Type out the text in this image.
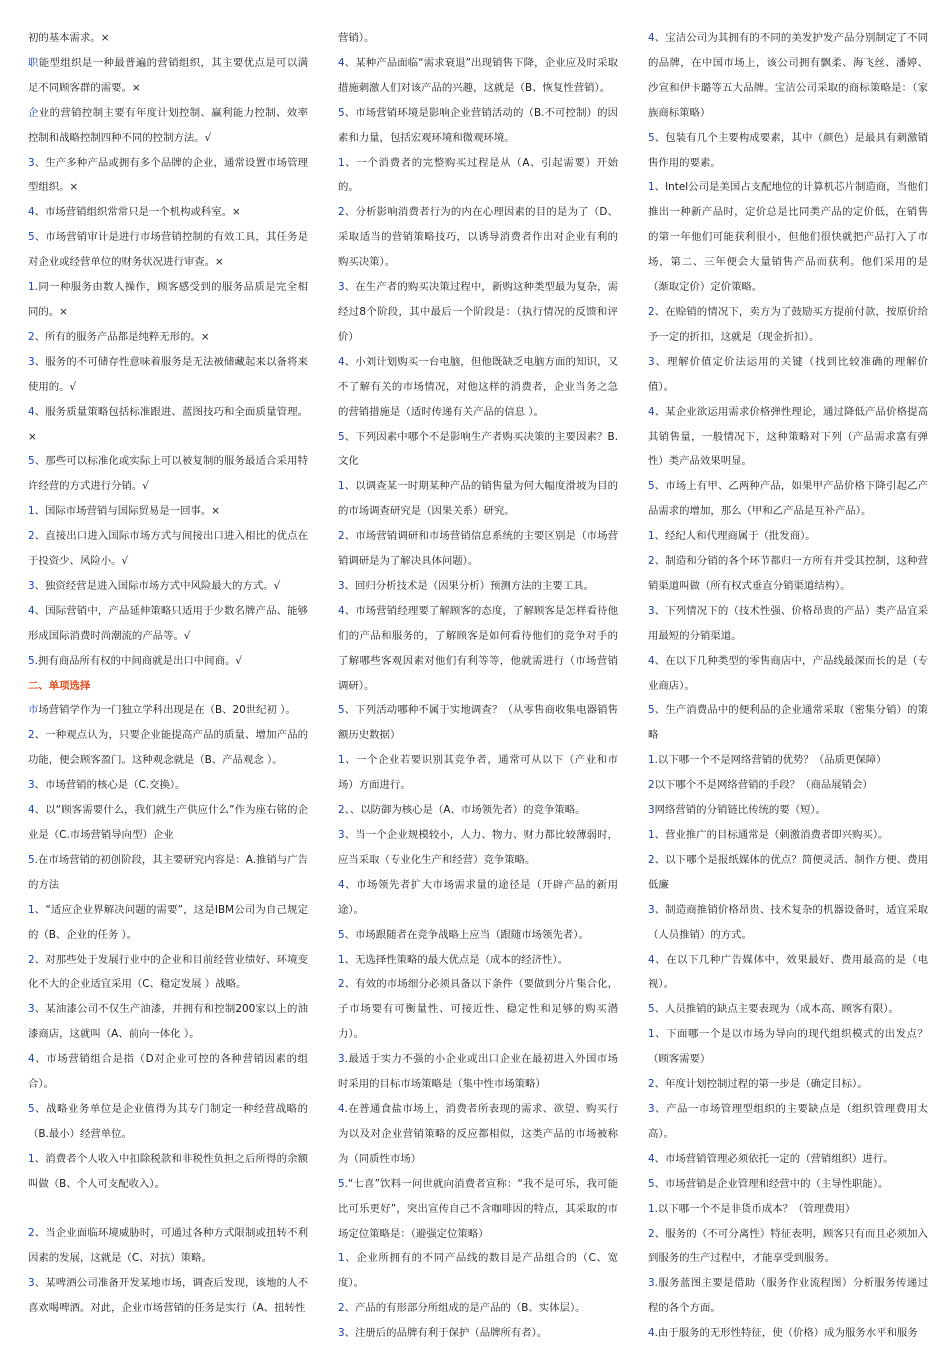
初的基本需求。×
职能型组织是一种最普遍的营销组织，其主要优点是可以满足不同顾客群的需要。×
企业的营销控制主要有年度计划控制、赢利能力控制、效率控制和战略控制四种不同的控制方法。√
3、生产多种产品或拥有多个品牌的企业，通常设置市场管理型组织。×
4、市场营销组织常常只是一个机构或科室。×
5、市场营销审计是进行市场营销控制的有效工具，其任务是对企业或经营单位的财务状况进行审查。×
1.同一种服务由数人操作，顾客感受到的服务品质是完全相同的。×
2、所有的服务产品都是纯粹无形的。×
3、服务的不可储存性意味着服务是无法被储藏起来以备将来使用的。√
4、服务质量策略包括标准跟进、蓝图技巧和全面质量管理。×
5、那些可以标准化或实际上可以被复制的服务最适合采用特许经营的方式进行分销。√
1、国际市场营销与国际贸易是一回事。×
2、直接出口进入国际市场方式与间接出口进入相比的优点在于投资少、风险小。√
3、独资经营是进入国际市场方式中风险最大的方式。√
4、国际营销中，产品延伸策略只适用于少数名牌产品、能够形成国际消费时尚潮流的产品等。√
5.拥有商品所有权的中间商就是出口中间商。√
二、单项选择
市场营销学作为一门独立学科出现是在（B、20世纪初 ）。
2、一种观点认为，只要企业能提高产品的质量、增加产品的功能，便会顾客盈门。这种观念就是（B、产品观念 ）。
3、市场营销的核心是（C.交换）。
4、以“顾客需要什么，我们就生产供应什么”作为座右铭的企业是（C.市场营销导向型）企业
5.在市场营销的初创阶段，其主要研究内容是：A.推销与广告的方法
1、“适应企业界解决问题的需要”，这是IBM公司为自己规定的（B、企业的任务 ）。
2、对那些处于发展行业中的企业和目前经营业绩好、环境变化不大的企业适宜采用（C、稳定发展 ）战略。
3、某油漆公司不仅生产油漆，并拥有和控制200家以上的油漆商店，这就叫（A、前向一体化 ）。
4、市场营销组合是指（D对企业可控的各种营销因素的组合）。
5、战略业务单位是企业值得为其专门制定一种经营战略的（B.最小）经营单位。
1、消费者个人收入中扣除税款和非税性负担之后所得的余额叫做（B、个人可支配收入）。
2、当企业面临环境威胁时，可通过各种方式限制或扭转不利因素的发展，这就是（C、对抗）策略。
3、某啤酒公司准备开发某地市场，调查后发现，该地的人不喜欢喝啤酒。对此，企业市场营销的任务是实行（A、扭转性
营销）。
4、某种产品面临“需求衰退”出现销售下降，企业应及时采取措施刺激人们对该产品的兴趣，这就是（B、恢复性营销）。
5、市场营销环境是影响企业营销活动的（B.不可控制）的因素和力量，包括宏观环境和微观环境。
1、一个消费者的完整购买过程是从（A、引起需要）开始的。
2、分析影响消费者行为的内在心理因素的目的是为了（D、采取适当的营销策略技巧，以诱导消费者作出对企业有利的购买决策）。
3、在生产者的购买决策过程中，新购这种类型最为复杂，需经过8个阶段，其中最后一个阶段是：（执行情况的反馈和评价）
4、小刘计划购买一台电脑，但他既缺乏电脑方面的知识，又不了解有关的市场情况，对他这样的消费者，企业当务之急的营销措施是（适时传递有关产品的信息 ）。
5、下列因素中哪个不是影响生产者购买决策的主要因素？B.文化
1、以调查某一时期某种产品的销售量为何大幅度滑坡为目的的市场调查研究是（因果关系）研究。
2、市场营销调研和市场营销信息系统的主要区别是（市场营销调研是为了解决具体问题）。
3、回归分析技术是（因果分析）预测方法的主要工具。
4、市场营销经理要了解顾客的态度，了解顾客是怎样看待他们的产品和服务的，了解顾客是如何看待他们的竞争对手的了解哪些客观因素对他们有利等等，他就需进行（市场营销调研）。
5、下列活动哪种不属于实地调查？（从零售商收集电器销售额历史数据）
1、一个企业若要识别其竞争者，通常可从以下（产业和市场）方面进行。
2、、以防御为核心是（A、市场领先者）的竞争策略。
3、当一个企业规模较小，人力、物力、财力都比较薄弱时，应当采取（专业化生产和经营）竞争策略。
4、市场领先者扩大市场需求量的途径是（开辟产品的新用途）。
5、市场跟随者在竞争战略上应当（跟随市场领先者）。
1、无选择性策略的最大优点是（成本的经济性）。
2、有效的市场细分必须具备以下条件（要做到分片集合化，子市场要有可衡量性、可接近性、稳定性和足够的购买潜力）。
3.最适于实力不强的小企业或出口企业在最初进入外国市场时采用的目标市场策略是（集中性市场策略）
4.在普通食盐市场上，消费者所表现的需求、欲望、购买行为以及对企业营销策略的反应都相似，这类产品的市场被称为（同质性市场）
5.“七喜”饮料一问世就向消费者宣称：“我不是可乐，我可能比可乐更好”，突出宣传自己不含咖啡因的特点，其采取的市场定位策略是：（避强定位策略）
1、企业所拥有的不同产品线的数目是产品组合的（C、宽度）。
2、产品的有形部分所组成的是产品的（B、实体层）。
3、注册后的品牌有利于保护（品牌所有者）。
4、宝洁公司为其拥有的不同的美发护发产品分别制定了不同的品牌，在中国市场上，该公司拥有飘柔、海飞丝、潘婷、沙宣和伊卡璐等五大品牌。宝洁公司采取的商标策略是：（家族商标策略）
5、包装有几个主要构成要素，其中（颜色）是最具有刺激销售作用的要素。
1、Intel公司是美国占支配地位的计算机芯片制造商，当他们推出一种新产品时，定价总是比同类产品的定价低，在销售的第一年他们可能获利很小，但他们很快就把产品打入了市场，第二、三年便会大量销售产品而获利。他们采用的是（渐取定价）定价策略。
2、在赊销的情况下，卖方为了鼓励买方提前付款，按原价给予一定的折扣，这就是（现金折扣）。
3、理解价值定价法运用的关键（找到比较准确的理解价值）。
4、某企业欲运用需求价格弹性理论，通过降低产品价格提高其销售量，一般情况下，这种策略对下列（产品需求富有弹性）类产品效果明显。
5、市场上有甲、乙两种产品，如果甲产品价格下降引起乙产品需求的增加，那么（甲和乙产品是互补产品）。
1、经纪人和代理商属于（批发商）。
2、制造和分销的各个环节都归一方所有并受其控制，这种营销渠道叫做（所有权式垂直分销渠道结构）。
3、下列情况下的（技术性强、价格昂贵的产品）类产品宜采用最短的分销渠道。
4、在以下几种类型的零售商店中，产品线最深而长的是（专业商店）。
5、生产消费品中的便利品的企业通常采取（密集分销）的策略
1.以下哪一个不是网络营销的优势？（品质更保障）
2以下哪个不是网络营销的手段？（商品展销会）
3网络营销的分销链比传统的要（短）。
1、营业推广的目标通常是（刺激消费者即兴购买）。
2、以下哪个是报纸媒体的优点？简便灵活、制作方便、费用低廉
3、制造商推销价格昂贵、技术复杂的机器设备时，适宜采取（人员推销）的方式。
4、在以下几种广告媒体中，效果最好、费用最高的是（电视）。
5、人员推销的缺点主要表现为（成本高、顾客有限）。
1、下面哪一个是以市场为导向的现代组织模式的出发点？（顾客需要）
2、年度计划控制过程的第一步是（确定目标）。
3、产品一市场管理型组织的主要缺点是（组织管理费用太高）。
4、市场营销管理必须依托一定的（营销组织）进行。
5、市场营销是企业管理和经营中的（主导性职能）。
1.以下哪一个不是非货币成本？（管理费用）
2、服务的（不可分离性）特征表明，顾客只有而且必须加入到服务的生产过程中，才能享受到服务。
3.服务蓝图主要是借助（服务作业流程图）分析服务传递过程的各个方面。
4.由于服务的无形性特征，使（价格）成为服务水平和服务
